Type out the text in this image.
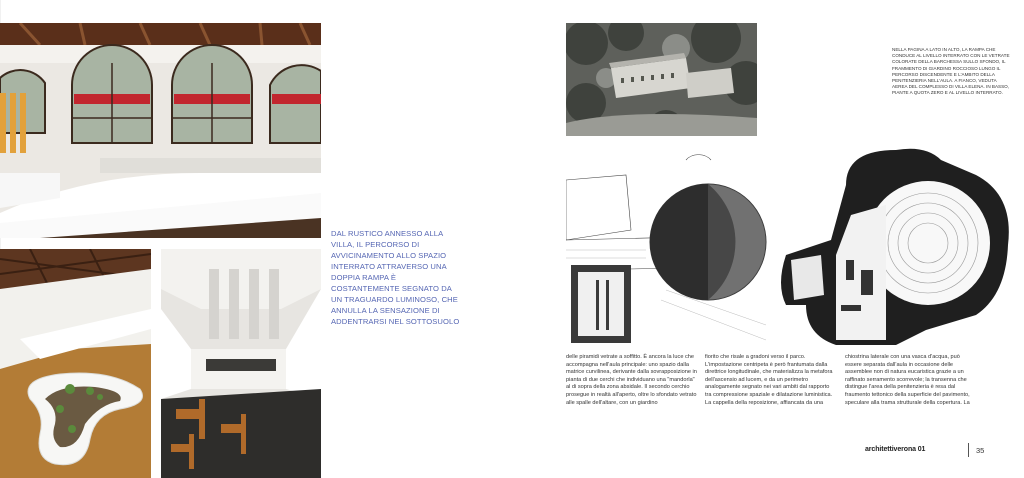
NELLA PAGINA A LATO IN ALTO, LA RAMPA CHE CONDUCE AL LIVELLO INTERRATO CON LE VETRATE COLORATE DELLA BARCHESSA SULLO SFONDO, IL FRAMMENTO DI GIARDINO ROCCIOSO LUNGO IL PERCORSO DISCENDENTE E L'AMBITO DELLA PENITENZIERIA NELL'AULA. A FIANCO, VEDUTA AEREA DEL COMPLESSO DI VILLA ELENA. IN BASSO, PIANTE A QUOTA ZERO E AL LIVELLO INTERRATO.
DAL RUSTICO ANNESSO ALLA VILLA, IL PERCORSO DI AVVICINAMENTO ALLO SPAZIO INTERRATO ATTRAVERSO UNA DOPPIA RAMPA È COSTANTEMENTE SEGNATO DA UN TRAGUARDO LUMINOSO, CHE ANNULLA LA SENSAZIONE DI ADDENTRARSI NEL SOTTOSUOLO
delle piramidi vetrate a soffitto. È ancora la luce che accompagna nell'aula principale: uno spazio dalla matrice curvilinea, derivante dalla sovrapposizione in pianta di due cerchi che individuano una "mandorla" al di sopra della zona absidale. Il secondo cerchio prosegue in realtà all'aperto, oltre lo sfondato vetrato alle spalle dell'altare, con un giardino
fiorito che risale a gradoni verso il parco. L'impostazione centripeta è però frantumata dalla direttrice longitudinale, che materializza la metafora dell'ascensio ad lucem, e da un perimetro analogamente segnato nei vari ambiti dal rapporto tra compressione spaziale e dilatazione luministica. La cappella della reposizione, affiancata da una
chiostrina laterale con una vasca d'acqua, può essere separata dall'aula in occasione delle assemblee non di natura eucaristica grazie a un raffinato serramento scorrevole; la transenna che distingue l'area della penitenzieria è resa dal fraumento tettonico della superficie del pavimento, speculare alla trama strutturale della copertura. La
architettiverona 01	35
